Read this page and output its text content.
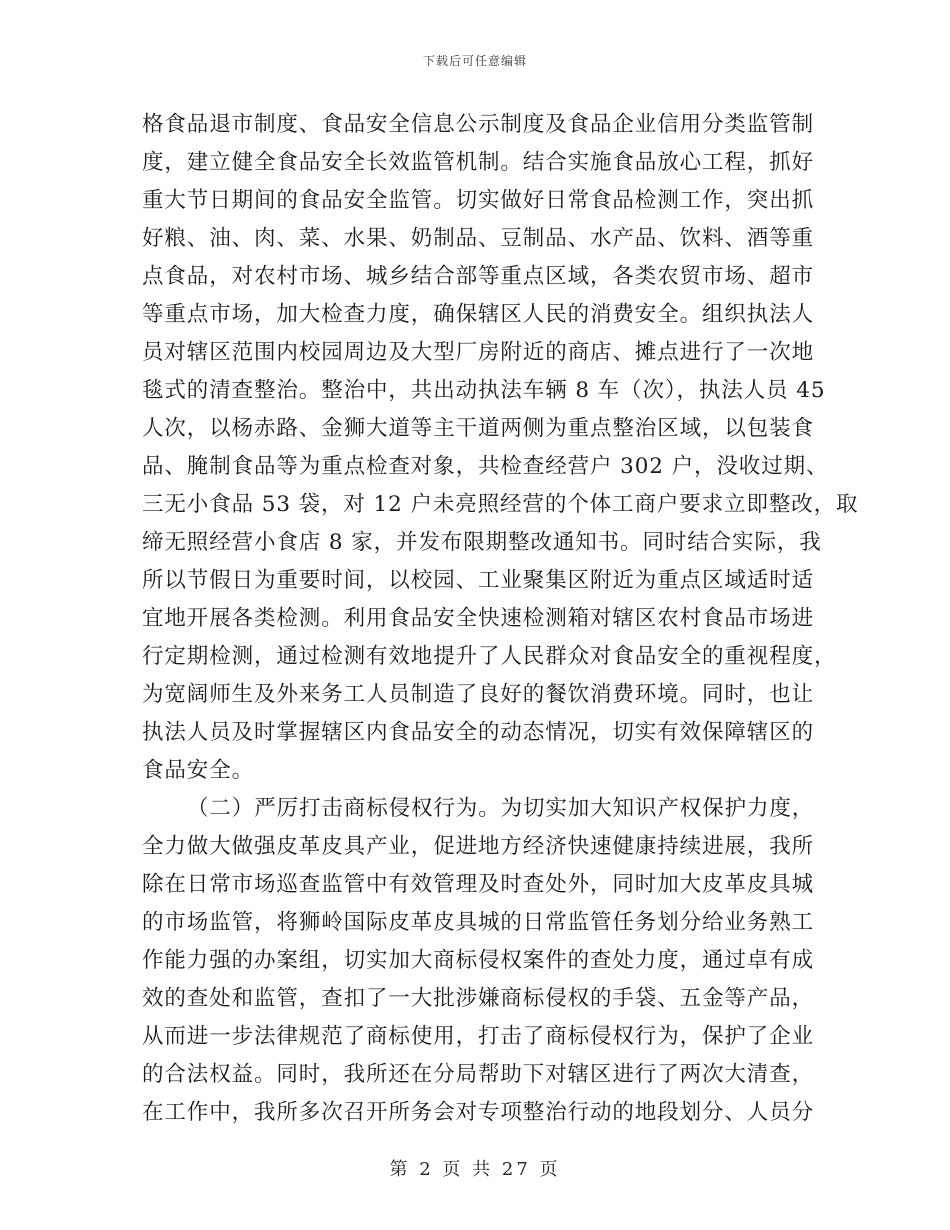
下载后可任意编辑

格食品退市制度、食品安全信息公示制度及食品企业信用分类监管制
度，建立健全食品安全长效监管机制。结合实施食品放心工程，抓好
重大节日期间的食品安全监管。切实做好日常食品检测工作，突出抓
好粮、油、肉、菜、水果、奶制品、豆制品、水产品、饮料、酒等重
点食品，对农村市场、城乡结合部等重点区域，各类农贸市场、超市
等重点市场，加大检查力度，确保辖区人民的消费安全。组织执法人
员对辖区范围内校园周边及大型厂房附近的商店、摊点进行了一次地
毯式的清查整治。整治中，共出动执法车辆 8 车（次），执法人员 45
人次，以杨赤路、金狮大道等主干道两侧为重点整治区域，以包装食
品、腌制食品等为重点检查对象，共检查经营户 302 户，没收过期、
三无小食品 53 袋，对 12 户未亮照经营的个体工商户要求立即整改，取
缔无照经营小食店 8 家，并发布限期整改通知书。同时结合实际，我
所以节假日为重要时间，以校园、工业聚集区附近为重点区域适时适
宜地开展各类检测。利用食品安全快速检测箱对辖区农村食品市场进
行定期检测，通过检测有效地提升了人民群众对食品安全的重视程度，
为宽阔师生及外来务工人员制造了良好的餐饮消费环境。同时，也让
执法人员及时掌握辖区内食品安全的动态情况，切实有效保障辖区的
食品安全。

（二）严厉打击商标侵权行为。为切实加大知识产权保护力度，
全力做大做强皮革皮具产业，促进地方经济快速健康持续进展，我所
除在日常市场巡查监管中有效管理及时查处外，同时加大皮革皮具城
的市场监管，将狮岭国际皮革皮具城的日常监管任务划分给业务熟工
作能力强的办案组，切实加大商标侵权案件的查处力度，通过卓有成
效的查处和监管，查扣了一大批涉嫌商标侵权的手袋、五金等产品，
从而进一步法律规范了商标使用，打击了商标侵权行为，保护了企业
的合法权益。同时，我所还在分局帮助下对辖区进行了两次大清查，
在工作中，我所多次召开所务会对专项整治行动的地段划分、人员分

第 2 页 共 27 页
